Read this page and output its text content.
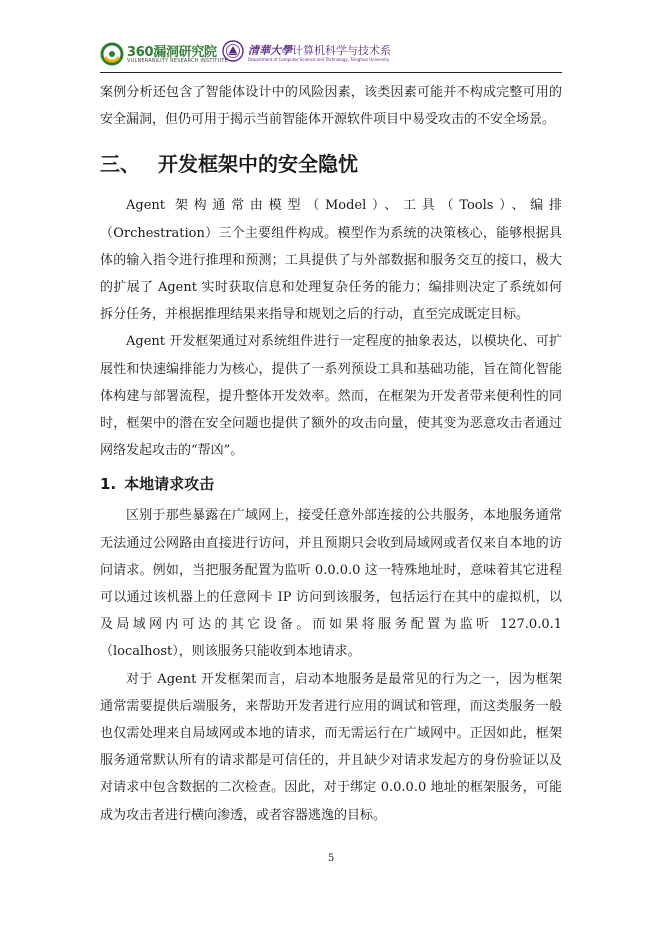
360漏洞研究院
VULNERABILITY RESEARCH INSTITUTE
清華大學计算机科学与技术系
Department of Computer Science and Technology, Tsinghua University

案例分析还包含了智能体设计中的风险因素，该类因素可能并不构成完整可用的安全漏洞，但仍可用于揭示当前智能体开源软件项目中易受攻击的不安全场景。

三、 开发框架中的安全隐忧

Agent 架构通常由模型（Model）、工具（Tools）、编排（Orchestration）三个主要组件构成。模型作为系统的决策核心，能够根据具体的输入指令进行推理和预测；工具提供了与外部数据和服务交互的接口，极大的扩展了 Agent 实时获取信息和处理复杂任务的能力；编排则决定了系统如何拆分任务，并根据推理结果来指导和规划之后的行动，直至完成既定目标。

Agent 开发框架通过对系统组件进行一定程度的抽象表达，以模块化、可扩展性和快速编排能力为核心，提供了一系列预设工具和基础功能，旨在简化智能体构建与部署流程，提升整体开发效率。然而，在框架为开发者带来便利性的同时，框架中的潜在安全问题也提供了额外的攻击向量，使其变为恶意攻击者通过网络发起攻击的“帮凶”。

1. 本地请求攻击

区别于那些暴露在广域网上，接受任意外部连接的公共服务，本地服务通常无法通过公网路由直接进行访问，并且预期只会收到局域网或者仅来自本地的访问请求。例如，当把服务配置为监听 0.0.0.0 这一特殊地址时，意味着其它进程可以通过该机器上的任意网卡 IP 访问到该服务，包括运行在其中的虚拟机，以及局域网内可达的其它设备。而如果将服务配置为监听 127.0.0.1（localhost），则该服务只能收到本地请求。

对于 Agent 开发框架而言，启动本地服务是最常见的行为之一，因为框架通常需要提供后端服务，来帮助开发者进行应用的调试和管理，而这类服务一般也仅需处理来自局域网或本地的请求，而无需运行在广域网中。正因如此，框架服务通常默认所有的请求都是可信任的，并且缺少对请求发起方的身份验证以及对请求中包含数据的二次检查。因此，对于绑定 0.0.0.0 地址的框架服务，可能成为攻击者进行横向渗透，或者容器逃逸的目标。

5
